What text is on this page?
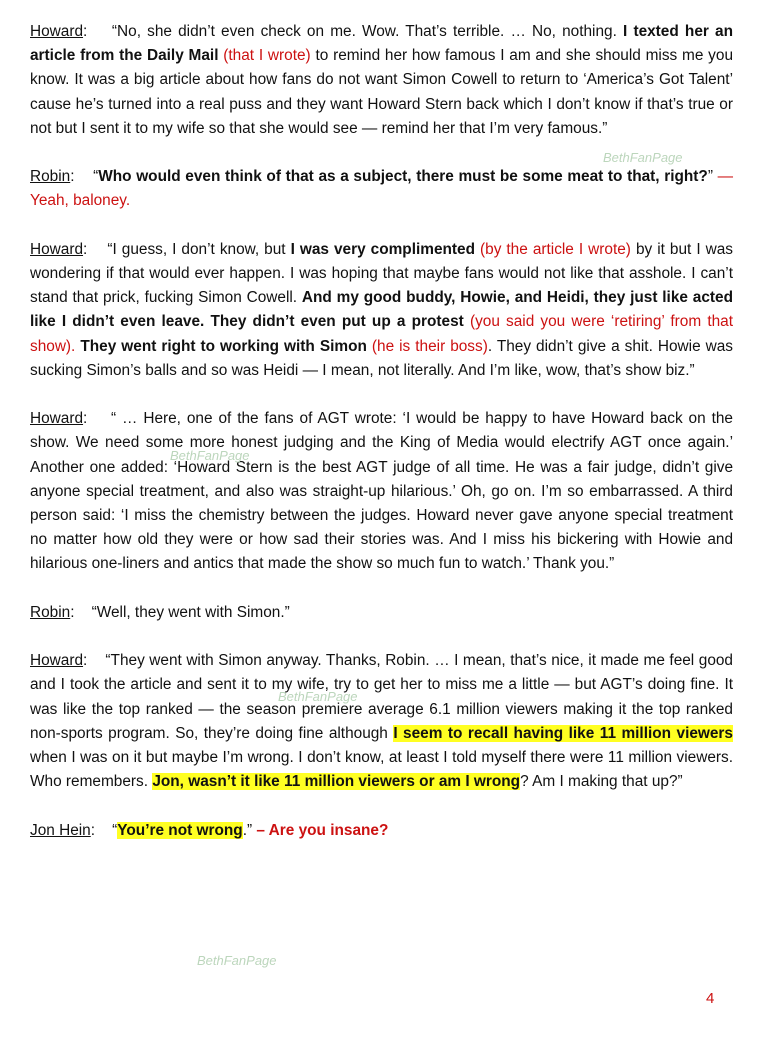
Howard:    “No, she didn’t even check on me. Wow. That’s terrible. … No, nothing. I texted her an article from the Daily Mail (that I wrote) to remind her how famous I am and she should miss me you know. It was a big article about how fans do not want Simon Cowell to return to ‘America’s Got Talent’ cause he’s turned into a real puss and they want Howard Stern back which I don’t know if that’s true or not but I sent it to my wife so that she would see — remind her that I’m very famous.”

Robin:    “Who would even think of that as a subject, there must be some meat to that, right?” — Yeah, baloney.

Howard:    “I guess, I don’t know, but I was very complimented (by the article I wrote) by it but I was wondering if that would ever happen. I was hoping that maybe fans would not like that asshole. I can’t stand that prick, fucking Simon Cowell. And my good buddy, Howie, and Heidi, they just like acted like I didn’t even leave. They didn’t even put up a protest (you said you were ‘retiring’ from that show). They went right to working with Simon (he is their boss). They didn’t give a shit. Howie was sucking Simon’s balls and so was Heidi — I mean, not literally. And I’m like, wow, that’s show biz.”

Howard:    “ … Here, one of the fans of AGT wrote: ‘I would be happy to have Howard back on the show. We need some more honest judging and the King of Media would electrify AGT once again.’ Another one added: ‘Howard Stern is the best AGT judge of all time. He was a fair judge, didn’t give anyone special treatment, and also was straight-up hilarious.’ Oh, go on. I’m so embarrassed. A third person said: ‘I miss the chemistry between the judges. Howard never gave anyone special treatment no matter how old they were or how sad their stories was. And I miss his bickering with Howie and hilarious one-liners and antics that made the show so much fun to watch.’ Thank you.”

Robin:    “Well, they went with Simon.”

Howard:    “They went with Simon anyway. Thanks, Robin. … I mean, that’s nice, it made me feel good and I took the article and sent it to my wife, try to get her to miss me a little — but AGT’s doing fine. It was like the top ranked — the season premiere average 6.1 million viewers making it the top ranked non-sports program. So, they’re doing fine although I seem to recall having like 11 million viewers when I was on it but maybe I’m wrong. I don’t know, at least I told myself there were 11 million viewers. Who remembers. Jon, wasn’t it like 11 million viewers or am I wrong? Am I making that up?”

Jon Hein:    “You’re not wrong.” – Are you insane?

BethFanPage
BethFanPage
BethFanPage
BethFanPage
4
